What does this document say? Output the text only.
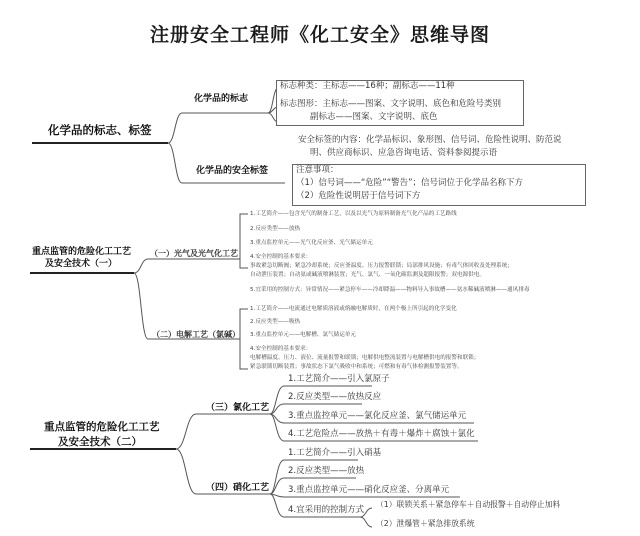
注册安全工程师《化工安全》思维导图
化学品的标志、标签
化学品的标志
标志种类：主标志——16种；副标志——11种
标志图形：主标志——图案、文字说明、底色和危险号类别
副标志——图案、文字说明、底色
化学品的安全标签
安全标签的内容：化学品标识、象形图、信号词、危险性说明、防范说
明、供应商标识、应急咨询电话、资料参阅提示语
注意事项：
（1）信号词——“危险”“警告”；信号词位于化学品名称下方
（2）危险性说明居于信号词下方
重点监管的危险化工工艺
及安全技术（一）
（一）光气及光气化工艺
1.工艺简介——包含光气的制备工艺，以及以光气为原料制备光气化产品的工艺路线
2.反应类型——放热
3.重点监控单元——光气化反应釜、光气储运单元
4.安全控制的基本要求：
事故紧急切断阀；紧急冷却系统；反应釜温度、压力报警联锁；局部排风设施；有毒气体回收及处理系统；
自动泄压装置；自动氨或碱液喷淋装置；光气、氯气、一氧化碳监测及超限报警；双电源供电。
5.宜采用的控制方式：异常情况——紧急停车——冷却降温——物料导入事故槽——氨水稀碱液喷淋——通风排毒
（二）电解工艺（氯碱）
1.工艺简介——电流通过电解质溶液或熔融电解质时，在两个极上所引起的化学变化
2.反应类型——吸热
3.重点监控单元——电解槽、氯气储运单元
4.安全控制的基本要求：
电解槽温度、压力、液位、流量报警和联锁；电解供电整流装置与电解槽供电的报警和联锁；
紧急联锁切断装置；事故状态下氯气吸收中和系统；可燃和有毒气体检测报警装置等。
重点监管的危险化工工艺
及安全技术（二）
（三）氯化工艺
1.工艺简介——引入氯原子
2.反应类型——放热反应
3.重点监控单元——氯化反应釜、氯气储运单元
4.工艺危险点——放热＋有毒＋爆炸＋腐蚀＋氯化
（四）硝化工艺
1.工艺简介——引入硝基
2.反应类型——放热
3.重点监控单元——硝化反应釜、分离单元
4.宜采用的控制方式
（1）联锁关系＋紧急停车＋自动报警＋自动停止加料
（2）泄爆管＋紧急排放系统
